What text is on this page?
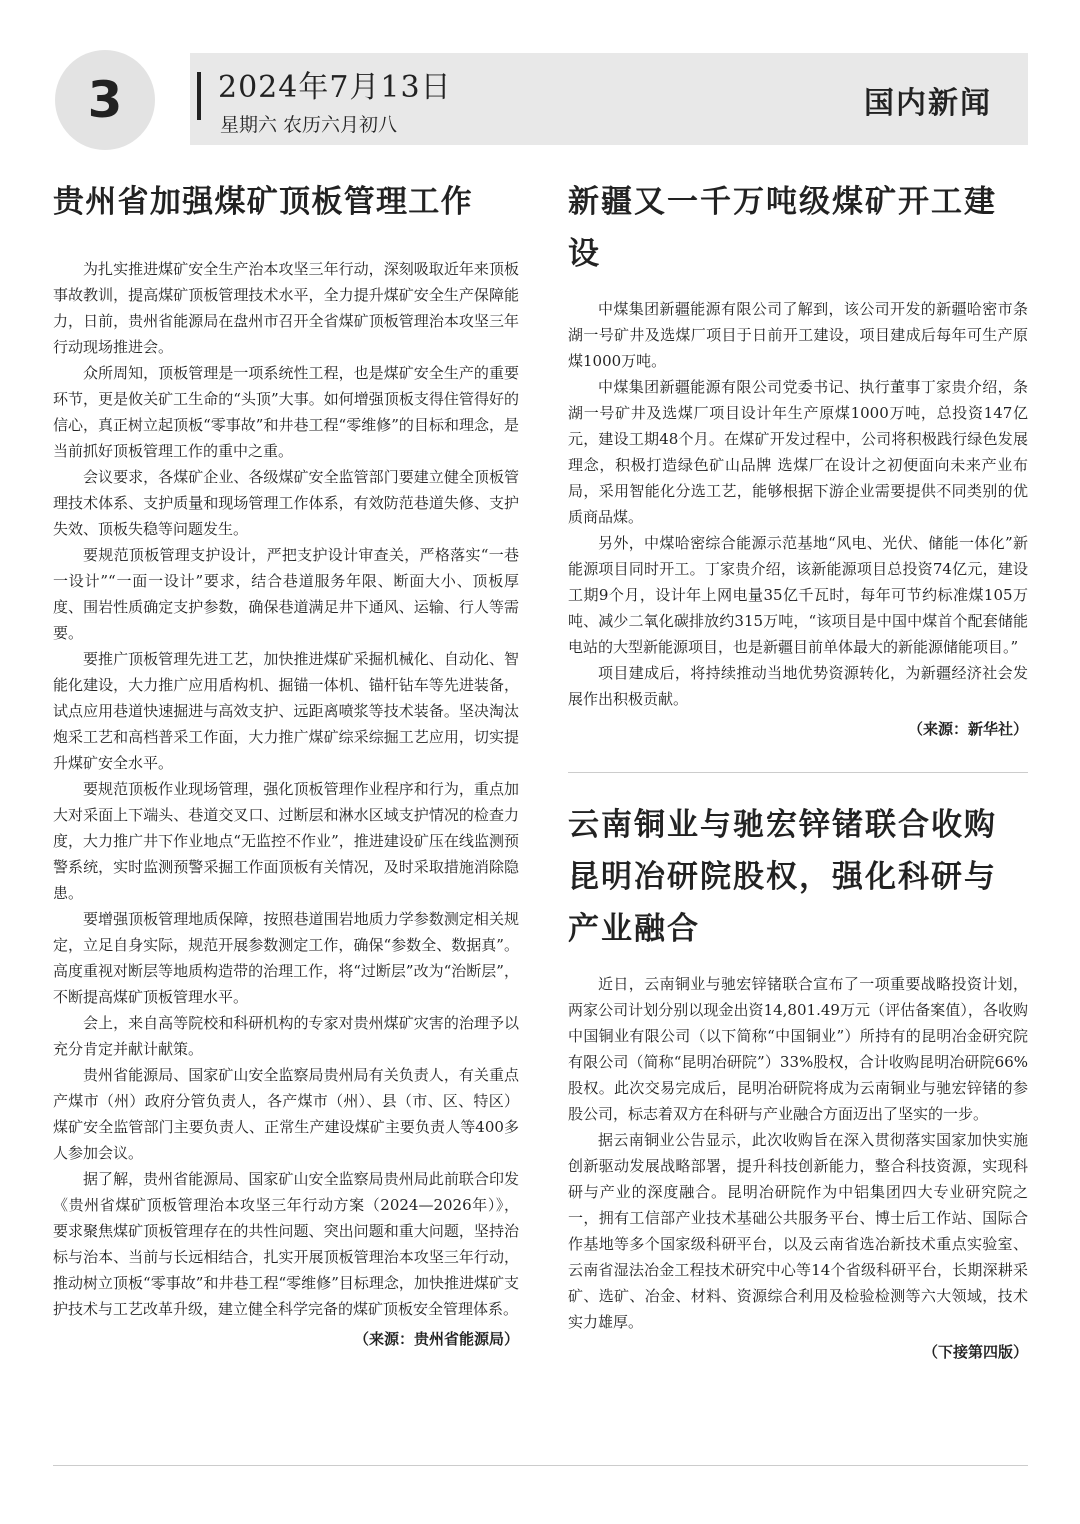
3	2024年7月13日
星期六 农历六月初八
国内新闻
贵州省加强煤矿顶板管理工作

为扎实推进煤矿安全生产治本攻坚三年行动，深刻吸取近年来顶板事故教训，提高煤矿顶板管理技术水平，全力提升煤矿安全生产保障能力，日前，贵州省能源局在盘州市召开全省煤矿顶板管理治本攻坚三年行动现场推进会。

众所周知，顶板管理是一项系统性工程，也是煤矿安全生产的重要环节，更是攸关矿工生命的“头顶”大事。如何增强顶板支得住管得好的信心，真正树立起顶板“零事故”和井巷工程“零维修”的目标和理念，是当前抓好顶板管理工作的重中之重。

会议要求，各煤矿企业、各级煤矿安全监管部门要建立健全顶板管理技术体系、支护质量和现场管理工作体系，有效防范巷道失修、支护失效、顶板失稳等问题发生。

要规范顶板管理支护设计，严把支护设计审查关，严格落实“一巷一设计”“一面一设计”要求，结合巷道服务年限、断面大小、顶板厚度、围岩性质确定支护参数，确保巷道满足井下通风、运输、行人等需要。

要推广顶板管理先进工艺，加快推进煤矿采掘机械化、自动化、智能化建设，大力推广应用盾构机、掘锚一体机、锚杆钻车等先进装备，试点应用巷道快速掘进与高效支护、远距离喷浆等技术装备。坚决淘汰炮采工艺和高档普采工作面，大力推广煤矿综采综掘工艺应用，切实提升煤矿安全水平。

要规范顶板作业现场管理，强化顶板管理作业程序和行为，重点加大对采面上下端头、巷道交叉口、过断层和淋水区域支护情况的检查力度，大力推广井下作业地点“无监控不作业”，推进建设矿压在线监测预警系统，实时监测预警采掘工作面顶板有关情况，及时采取措施消除隐患。

要增强顶板管理地质保障，按照巷道围岩地质力学参数测定相关规定，立足自身实际，规范开展参数测定工作，确保“参数全、数据真”。高度重视对断层等地质构造带的治理工作，将“过断层”改为“治断层”，不断提高煤矿顶板管理水平。

会上，来自高等院校和科研机构的专家对贵州煤矿灾害的治理予以充分肯定并献计献策。

贵州省能源局、国家矿山安全监察局贵州局有关负责人，有关重点产煤市（州）政府分管负责人，各产煤市（州）、县（市、区、特区）煤矿安全监管部门主要负责人、正常生产建设煤矿主要负责人等400多人参加会议。

据了解，贵州省能源局、国家矿山安全监察局贵州局此前联合印发《贵州省煤矿顶板管理治本攻坚三年行动方案（2024—2026年）》，要求聚焦煤矿顶板管理存在的共性问题、突出问题和重大问题，坚持治标与治本、当前与长远相结合，扎实开展顶板管理治本攻坚三年行动，推动树立顶板“零事故”和井巷工程“零维修”目标理念，加快推进煤矿支护技术与工艺改革升级，建立健全科学完备的煤矿顶板安全管理体系。

（来源：贵州省能源局）
新疆又一千万吨级煤矿开工建设

中煤集团新疆能源有限公司了解到，该公司开发的新疆哈密市条湖一号矿井及选煤厂项目于日前开工建设，项目建成后每年可生产原煤1000万吨。

中煤集团新疆能源有限公司党委书记、执行董事丁家贵介绍，条湖一号矿井及选煤厂项目设计年生产原煤1000万吨，总投资147亿元，建设工期48个月。在煤矿开发过程中，公司将积极践行绿色发展理念，积极打造绿色矿山品牌 选煤厂在设计之初便面向未来产业布局，采用智能化分选工艺，能够根据下游企业需要提供不同类别的优质商品煤。

另外，中煤哈密综合能源示范基地“风电、光伏、储能一体化”新能源项目同时开工。丁家贵介绍，该新能源项目总投资74亿元，建设工期9个月，设计年上网电量35亿千瓦时，每年可节约标准煤105万吨、减少二氧化碳排放约315万吨，“该项目是中国中煤首个配套储能电站的大型新能源项目，也是新疆目前单体最大的新能源储能项目。”

项目建成后，将持续推动当地优势资源转化，为新疆经济社会发展作出积极贡献。

（来源：新华社）
云南铜业与驰宏锌锗联合收购昆明冶研院股权，强化科研与产业融合

近日，云南铜业与驰宏锌锗联合宣布了一项重要战略投资计划，两家公司计划分别以现金出资14,801.49万元（评估备案值），各收购中国铜业有限公司（以下简称“中国铜业”）所持有的昆明冶金研究院有限公司（简称“昆明冶研院”）33%股权，合计收购昆明冶研院66%股权。此次交易完成后，昆明冶研院将成为云南铜业与驰宏锌锗的参股公司，标志着双方在科研与产业融合方面迈出了坚实的一步。

据云南铜业公告显示，此次收购旨在深入贯彻落实国家加快实施创新驱动发展战略部署，提升科技创新能力，整合科技资源，实现科研与产业的深度融合。昆明冶研院作为中铝集团四大专业研究院之一，拥有工信部产业技术基础公共服务平台、博士后工作站、国际合作基地等多个国家级科研平台，以及云南省选冶新技术重点实验室、云南省湿法冶金工程技术研究中心等14个省级科研平台，长期深耕采矿、选矿、冶金、材料、资源综合利用及检验检测等六大领域，技术实力雄厚。

（下接第四版）
